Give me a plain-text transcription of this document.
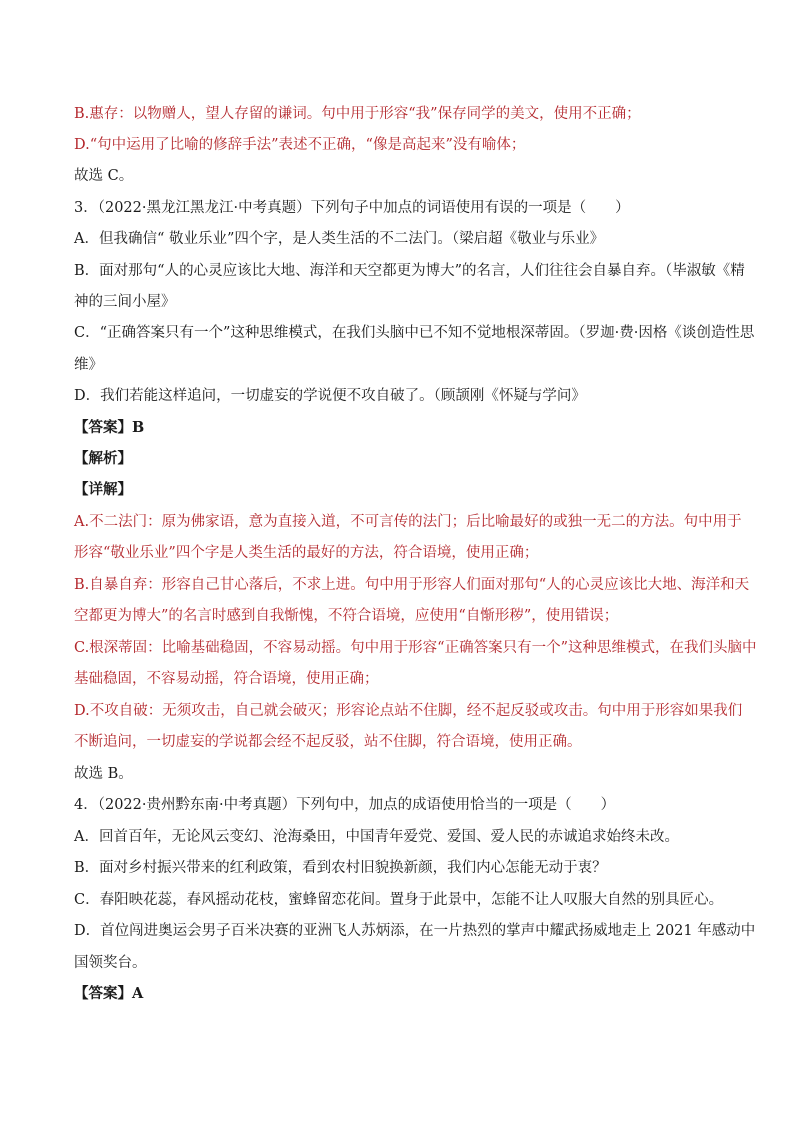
B.惠存：以物赠人，望人存留的谦词。句中用于形容“我”保存同学的美文，使用不正确；
D.“句中运用了比喻的修辞手法”表述不正确，“像是高起来”没有喻体；
故选 C。
3．（2022·黑龙江黑龙江·中考真题）下列句子中加点的词语使用有误的一项是（　　）
A．但我确信“ 敬业乐业”四个字，是人类生活的不二法门。（梁启超《敬业与乐业》
B．面对那句“人的心灵应该比大地、海洋和天空都更为博大”的名言，人们往往会自暴自弃。（毕淑敏《精
神的三间小屋》
C．“正确答案只有一个”这种思维模式，在我们头脑中已不知不觉地根深蒂固。（罗迦·费·因格《谈创造性思
维》
D．我们若能这样追问，一切虚妄的学说便不攻自破了。（顾颉刚《怀疑与学问》
【答案】B
【解析】
【详解】
A.不二法门：原为佛家语，意为直接入道，不可言传的法门；后比喻最好的或独一无二的方法。句中用于
形容“敬业乐业”四个字是人类生活的最好的方法，符合语境，使用正确；
B.自暴自弃：形容自己甘心落后，不求上进。句中用于形容人们面对那句“人的心灵应该比大地、海洋和天
空都更为博大”的名言时感到自我惭愧，不符合语境，应使用“自惭形秽”，使用错误；
C.根深蒂固：比喻基础稳固，不容易动摇。句中用于形容“正确答案只有一个”这种思维模式，在我们头脑中
基础稳固，不容易动摇，符合语境，使用正确；
D.不攻自破：无须攻击，自己就会破灭；形容论点站不住脚，经不起反驳或攻击。句中用于形容如果我们
不断追问，一切虚妄的学说都会经不起反驳，站不住脚，符合语境，使用正确。
故选 B。
4．（2022·贵州黔东南·中考真题）下列句中，加点的成语使用恰当的一项是（　　）
A．回首百年，无论风云变幻、沧海桑田，中国青年爱党、爱国、爱人民的赤诚追求始终未改。
B．面对乡村振兴带来的红利政策，看到农村旧貌换新颜，我们内心怎能无动于衷？
C．春阳映花蕊，春风摇动花枝，蜜蜂留恋花间。置身于此景中，怎能不让人叹服大自然的别具匠心。
D．首位闯进奥运会男子百米决赛的亚洲飞人苏炳添，在一片热烈的掌声中耀武扬威地走上 2021 年感动中
国领奖台。
【答案】A
